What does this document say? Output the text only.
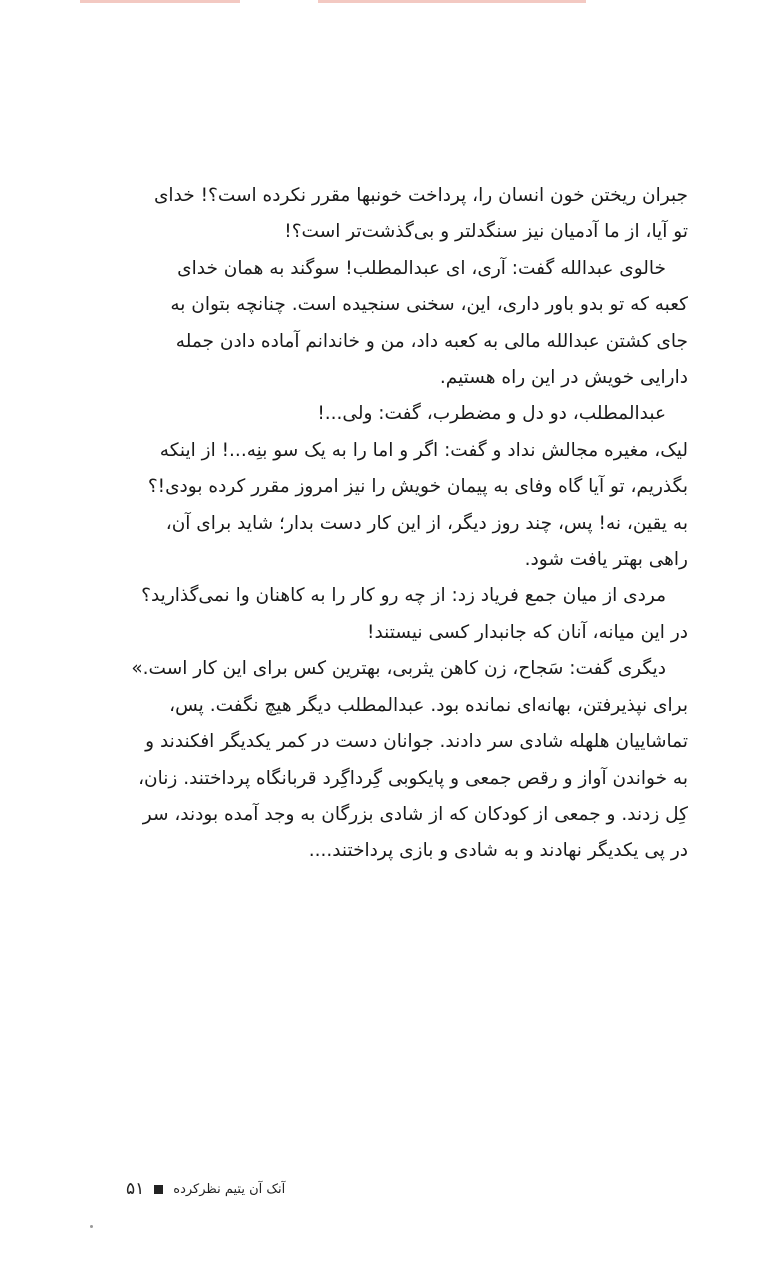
جبران ریختن خون انسان را، پرداخت خونبها مقرر نکرده است؟! خدای
تو آیا، از ما آدمیان نیز سنگدلتر و بی‌گذشت‌تر است؟!
خالوی عبدالله گفت: آری، ای عبدالمطلب! سوگند به همان خدای
کعبه که تو بدو باور داری، این، سخنی سنجیده است. چنانچه بتوان به
جای کشتن عبدالله مالی به کعبه داد، من و خاندانم آماده دادن جمله
دارایی خویش در این راه هستیم.
عبدالمطلب، دو دل و مضطرب، گفت: ولی...!
لیک، مغیره مجالش نداد و گفت: اگر و اما را به یک سو بنِه...! از اینکه
بگذریم، تو آیا گاه وفای به پیمان خویش را نیز امروز مقرر کرده بودی!؟
به یقین، نه! پس، چند روز دیگر، از این کار دست بدار؛ شاید برای آن،
راهی بهتر یافت شود.
مردی از میان جمع فریاد زد: از چه رو کار را به کاهنان وا نمی‌گذارید؟
در این میانه، آنان که جانبدار کسی نیستند!
دیگری گفت: سَجاح، زن کاهن یثربی، بهترین کس برای این کار است.»
برای نپذیرفتن، بهانه‌ای نمانده بود. عبدالمطلب دیگر هیچ نگفت. پس،
تماشاییان هلهله شادی سر دادند. جوانان دست در کمر یکدیگر افکندند و
به خواندن آواز و رقص جمعی و پایکوبی گِرداگِرد قربانگاه پرداختند. زنان،
کِل زدند. و جمعی از کودکان که از شادی بزرگان به وجد آمده بودند، سر
در پی یکدیگر نهادند و به شادی و بازی پرداختند....
آنک آن یتیم نظرکرده
۵۱
